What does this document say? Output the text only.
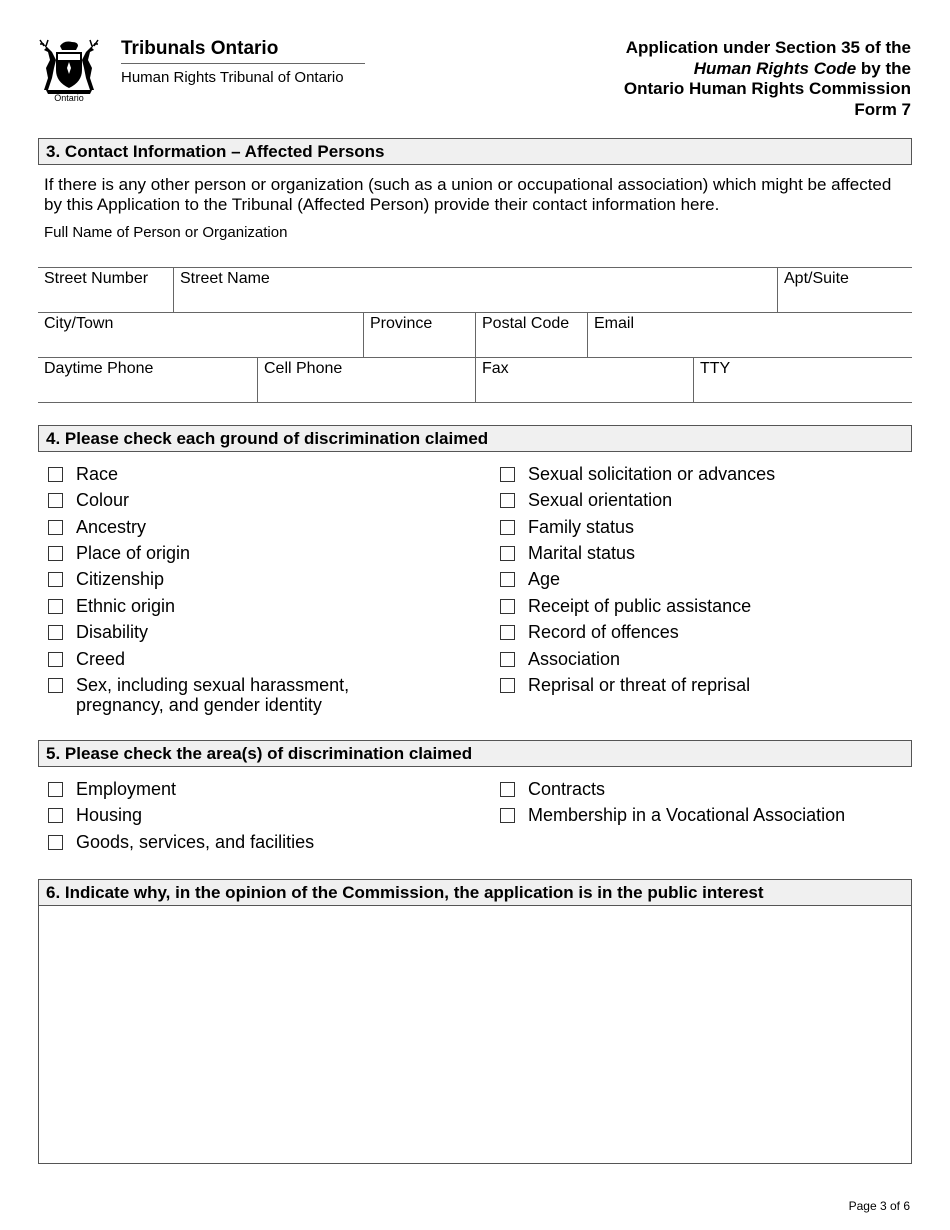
Ontario
Tribunals Ontario
Human Rights Tribunal of Ontario
Application under Section 35 of the
Human Rights Code by the
Ontario Human Rights Commission
Form 7
3. Contact Information – Affected Persons
If there is any other person or organization (such as a union or occupational association) which might be affected by this Application to the Tribunal (Affected Person) provide their contact information here.
Full Name of Person or Organization
Street Number	Street Name	Apt/Suite
City/Town	Province	Postal Code	Email
Daytime Phone	Cell Phone	Fax	TTY
4. Please check each ground of discrimination claimed
Race
Colour
Ancestry
Place of origin
Citizenship
Ethnic origin
Disability
Creed
Sex, including sexual harassment,
pregnancy, and gender identity
Sexual solicitation or advances
Sexual orientation
Family status
Marital status
Age
Receipt of public assistance
Record of offences
Association
Reprisal or threat of reprisal
5. Please check the area(s) of discrimination claimed
Employment
Housing
Goods, services, and facilities
Contracts
Membership in a Vocational Association
6. Indicate why, in the opinion of the Commission, the application is in the public interest
Page 3 of 6
